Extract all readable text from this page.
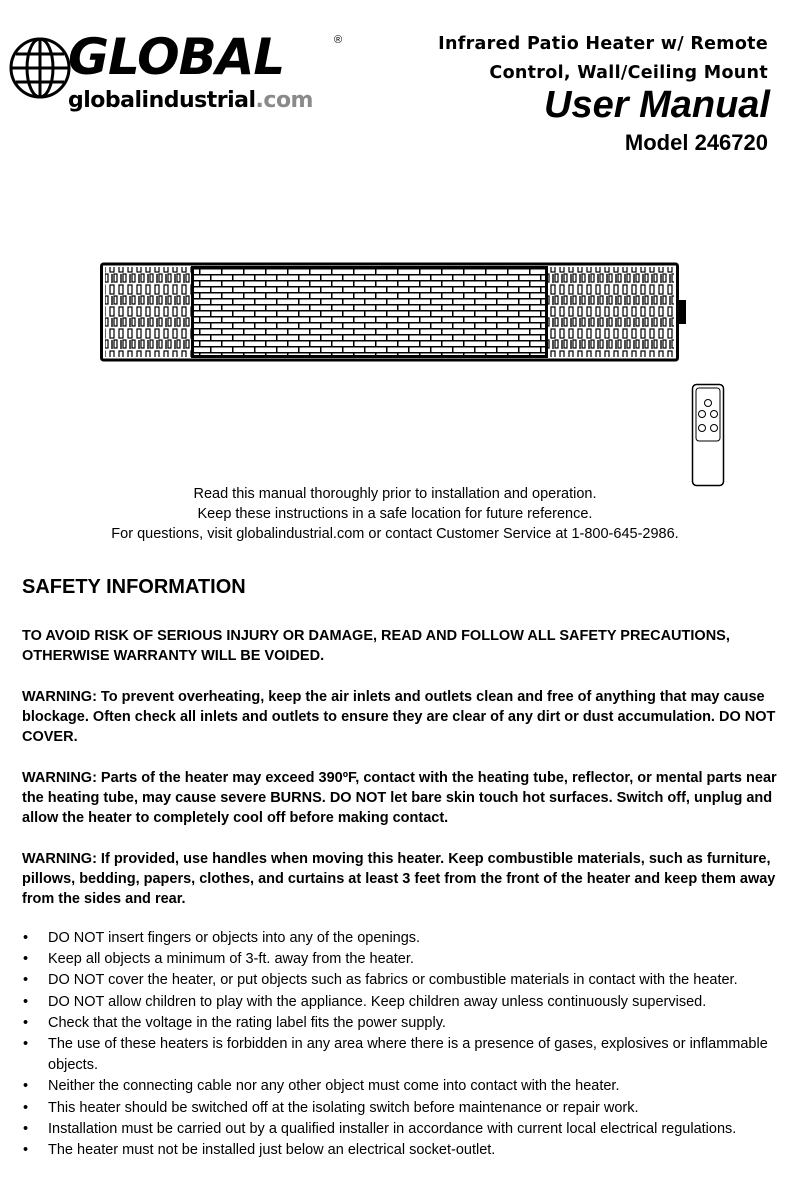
GLOBAL	®
globalindustrial.com
Infrared Patio Heater w/ Remote
Control, Wall/Ceiling Mount
User Manual
Model 246720

Read this manual thoroughly prior to installation and operation.

Keep these instructions in a safe location for future reference.

For questions, visit globalindustrial.com or contact Customer Service at 1-800-645-2986.

SAFETY INFORMATION

TO AVOID RISK OF SERIOUS INJURY OR DAMAGE, READ AND FOLLOW ALL SAFETY PRECAUTIONS, OTHERWISE WARRANTY WILL BE VOIDED.

WARNING: To prevent overheating, keep the air inlets and outlets clean and free of anything that may cause blockage. Often check all inlets and outlets to ensure they are clear of any dirt or dust accumulation. DO NOT COVER.

WARNING: Parts of the heater may exceed 390ºF, contact with the heating tube, reflector, or mental parts near the heating tube, may cause severe BURNS. DO NOT let bare skin touch hot surfaces. Switch off, unplug and allow the heater to completely cool off before making contact.

WARNING: If provided, use handles when moving this heater. Keep combustible materials, such as furniture, pillows, bedding, papers, clothes, and curtains at least 3 feet from the front of the heater and keep them away from the sides and rear.

• DO NOT insert fingers or objects into any of the openings.
• Keep all objects a minimum of 3-ft. away from the heater.
• DO NOT cover the heater, or put objects such as fabrics or combustible materials in contact with the heater.
• DO NOT allow children to play with the appliance. Keep children away unless continuously supervised.
• Check that the voltage in the rating label fits the power supply.
• The use of these heaters is forbidden in any area where there is a presence of gases, explosives or inflammable objects.
• Neither the connecting cable nor any other object must come into contact with the heater.
• This heater should be switched off at the isolating switch before maintenance or repair work.
• Installation must be carried out by a qualified installer in accordance with current local electrical regulations.
• The heater must not be installed just below an electrical socket-outlet.
